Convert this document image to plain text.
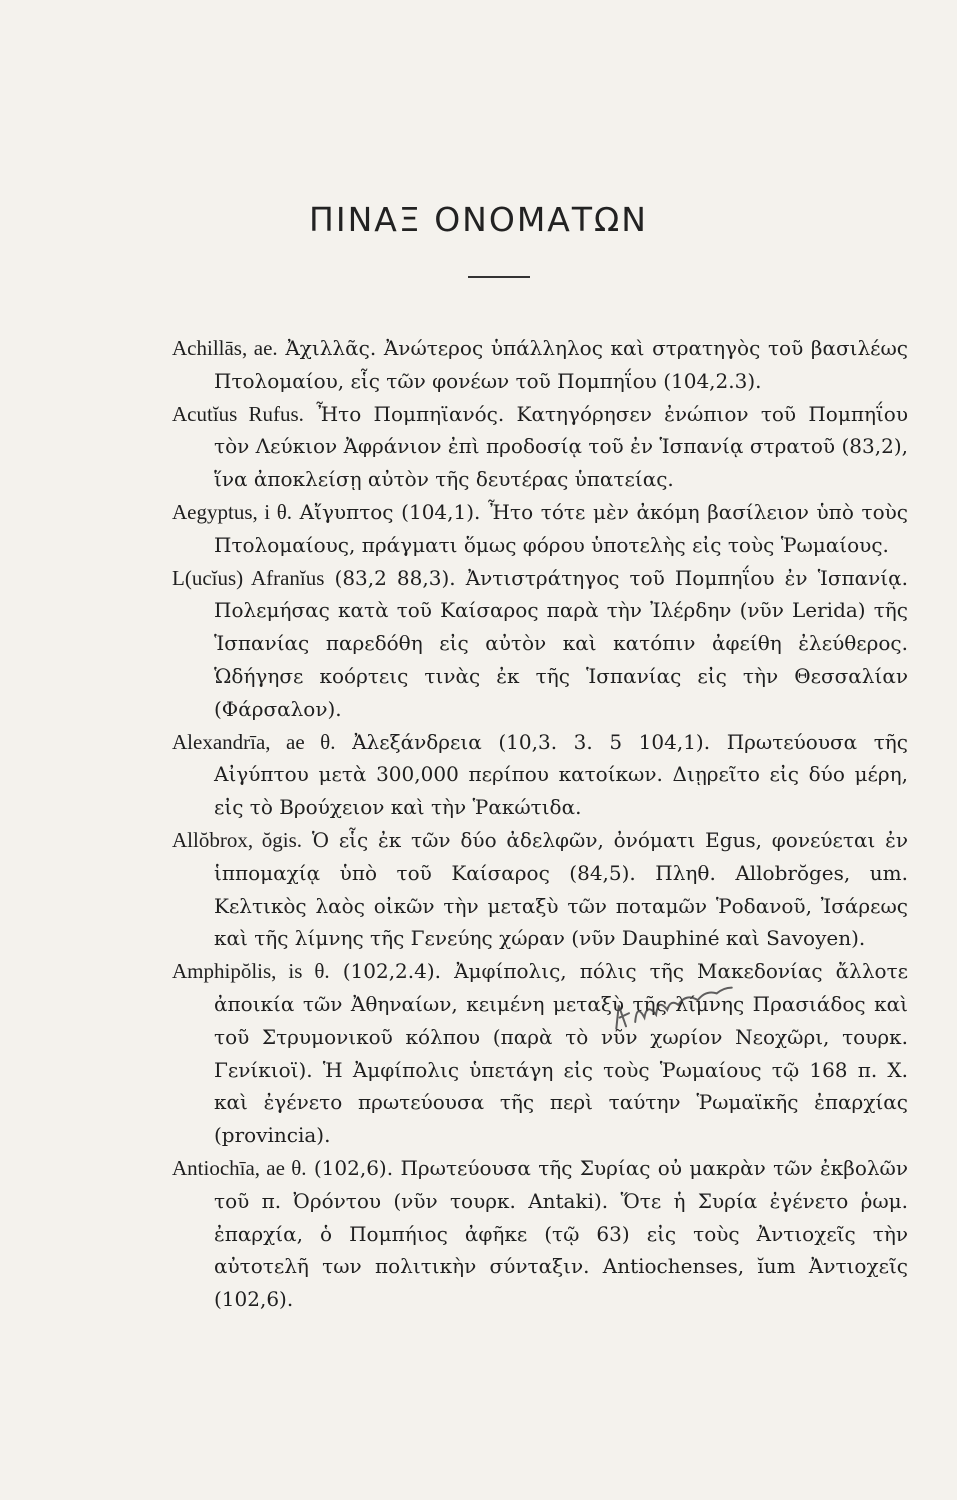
ΠΙΝΑΞ ΟΝΟΜΑΤΩΝ
Achillās, ae. Ἀχιλλᾶς. Ἀνώτερος ὑπάλληλος καὶ στρατηγὸς τοῦ βασιλέως Πτολομαίου, εἷς τῶν φονέων τοῦ Πομπηΐου (104,2.3).
Acutĭus Rufus. Ἦτο Πομπηϊανός. Κατηγόρησεν ἐνώπιον τοῦ Πομπηΐου τὸν Λεύκιον Ἀφράνιον ἐπὶ προδοσίᾳ τοῦ ἐν Ἱσπανίᾳ στρατοῦ (83,2), ἵνα ἀποκλείσῃ αὐτὸν τῆς δευτέρας ὑπατείας.
Aegyptus, i θ. Αἴγυπτος (104,1). Ἦτο τότε μὲν ἀκόμη βασίλειον ὑπὸ τοὺς Πτολομαίους, πράγματι ὅμως φόρου ὑποτελὴς εἰς τοὺς Ῥωμαίους.
L(ucĭus) Afranĭus (83,2 88,3). Ἀντιστράτηγος τοῦ Πομπηΐου ἐν Ἱσπανίᾳ. Πολεμήσας κατὰ τοῦ Καίσαρος παρὰ τὴν Ἰλέρδην (νῦν Lerida) τῆς Ἱσπανίας παρεδόθη εἰς αὐτὸν καὶ κατόπιν ἀφείθη ἐλεύθερος. Ὡδήγησε κοόρτεις τινὰς ἐκ τῆς Ἱσπανίας εἰς τὴν Θεσσαλίαν (Φάρσαλον).
Alexandrīa, ae θ. Ἀλεξάνδρεια (10,3. 3. 5 104,1). Πρωτεύουσα τῆς Αἰγύπτου μετὰ 300,000 περίπου κατοίκων. Διῃρεῖτο εἰς δύο μέρη, εἰς τὸ Βρούχειον καὶ τὴν Ῥακώτιδα.
Allŏbrox, ŏgis. Ὁ εἷς ἐκ τῶν δύο ἀδελφῶν, ὀνόματι Egus, φονεύεται ἐν ἱππομαχίᾳ ὑπὸ τοῦ Καίσαρος (84,5). Πληθ. Allobrŏges, um. Κελτικὸς λαὸς οἰκῶν τὴν μεταξὺ τῶν ποταμῶν Ῥοδανοῦ, Ἰσάρεως καὶ τῆς λίμνης τῆς Γενεύης χώραν (νῦν Dauphiné καὶ Savoyen).
Amphipŏlis, is θ. (102,2.4). Ἀμφίπολις, πόλις τῆς Μακεδονίας ἄλλοτε ἀποικία τῶν Ἀθηναίων, κειμένη μεταξὺ τῆς λίμνης Πρασιάδος καὶ τοῦ Στρυμονικοῦ κόλπου (παρὰ τὸ νῦν χωρίον Νεοχῶρι, τουρκ. Γενίκιοϊ). Ἡ Ἀμφίπολις ὑπετάγη εἰς τοὺς Ῥωμαίους τῷ 168 π. Χ. καὶ ἐγένετο πρωτεύουσα τῆς περὶ ταύτην Ῥωμαϊκῆς ἐπαρχίας (provincia).
Antiochīa, ae θ. (102,6). Πρωτεύουσα τῆς Συρίας οὐ μακρὰν τῶν ἐκβολῶν τοῦ π. Ὀρόντου (νῦν τουρκ. Antaki). Ὅτε ἡ Συρία ἐγένετο ῥωμ. ἐπαρχία, ὁ Πομπήιος ἀφῆκε (τῷ 63) εἰς τοὺς Ἀντιοχεῖς τὴν αὐτοτελῆ των πολιτικὴν σύνταξιν. Antiochenses, ĭum Ἀντιοχεῖς (102,6).
